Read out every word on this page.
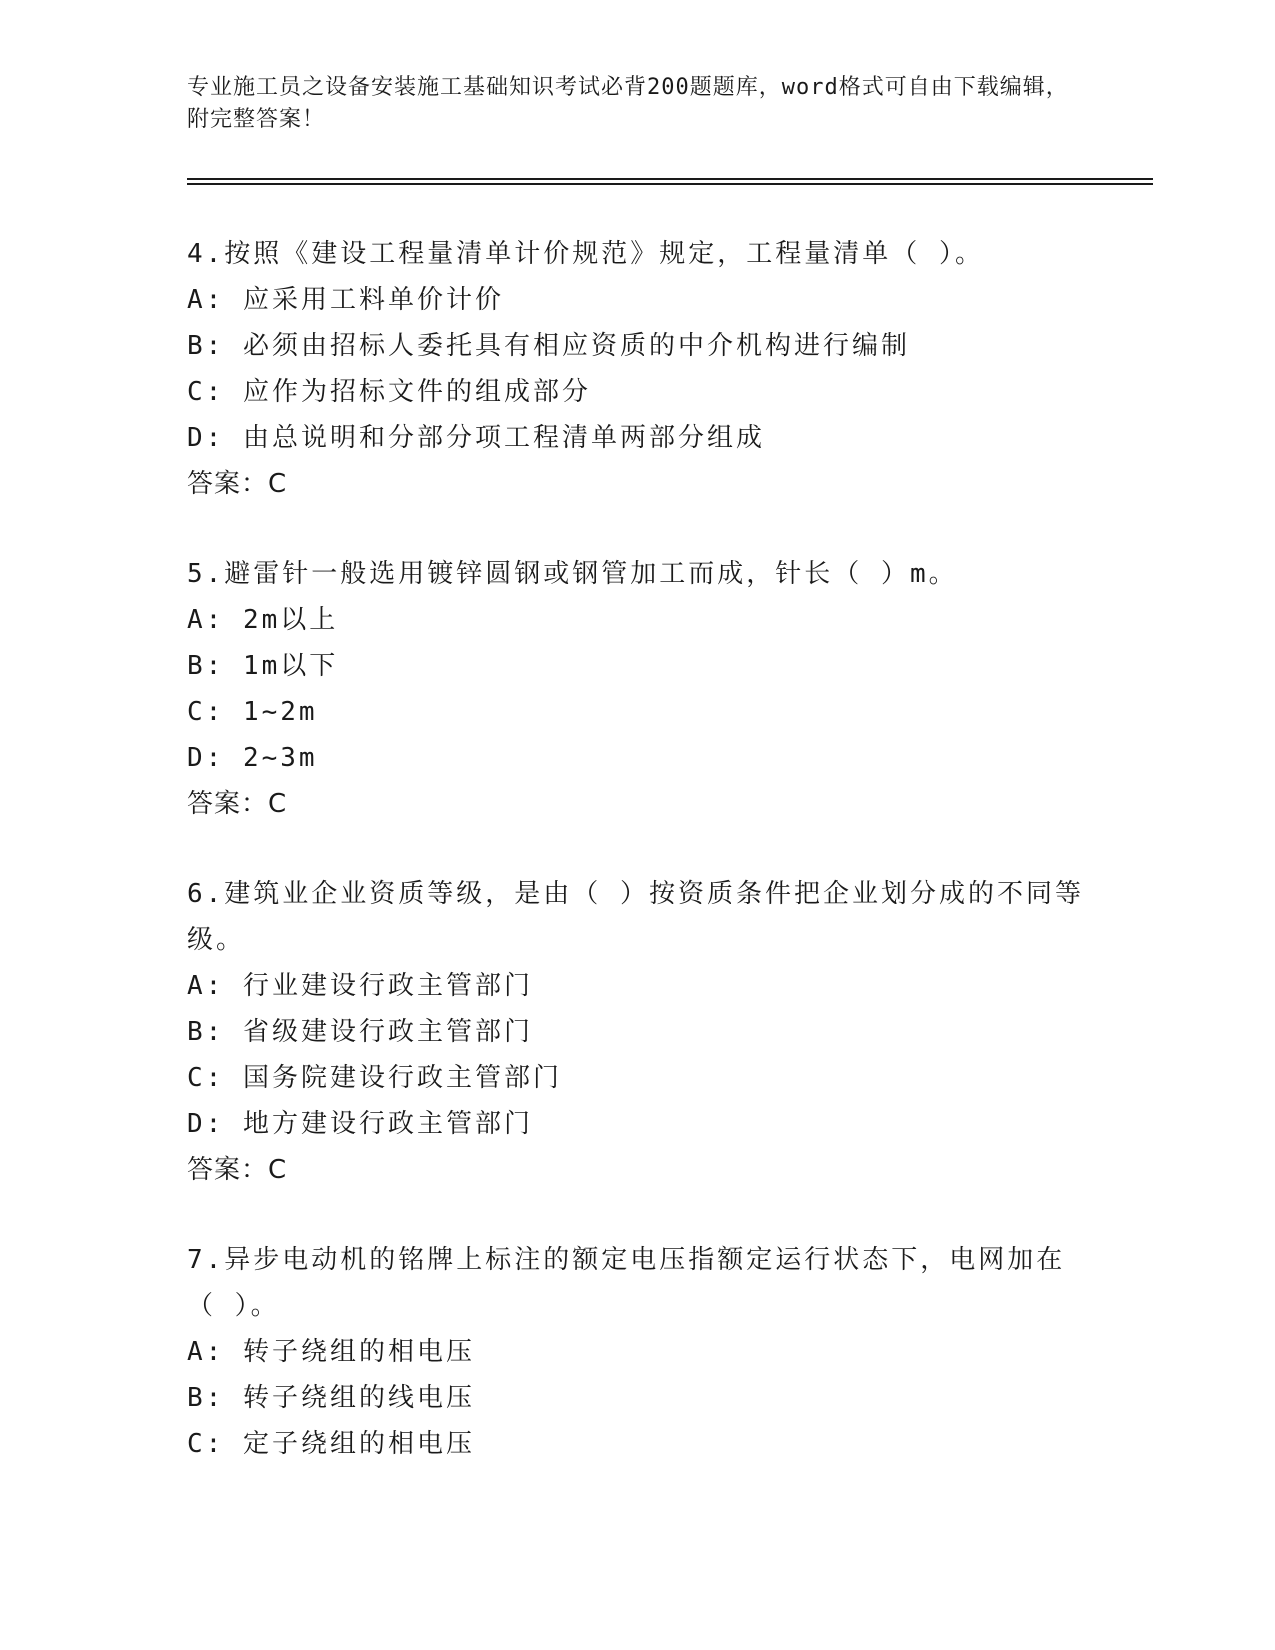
专业施工员之设备安装施工基础知识考试必背200题题库，word格式可自由下载编辑，附完整答案！

4.按照《建设工程量清单计价规范》规定，工程量清单（ ）。

A: 应采用工料单价计价

B: 必须由招标人委托具有相应资质的中介机构进行编制

C: 应作为招标文件的组成部分

D: 由总说明和分部分项工程清单两部分组成

答案：C

5.避雷针一般选用镀锌圆钢或钢管加工而成，针长（ ）m。

A: 2m以上

B: 1m以下

C: 1~2m

D: 2~3m

答案：C

6.建筑业企业资质等级，是由（ ）按资质条件把企业划分成的不同等级。

A: 行业建设行政主管部门

B: 省级建设行政主管部门

C: 国务院建设行政主管部门

D: 地方建设行政主管部门

答案：C

7.异步电动机的铭牌上标注的额定电压指额定运行状态下，电网加在（ ）。

A: 转子绕组的相电压

B: 转子绕组的线电压

C: 定子绕组的相电压
